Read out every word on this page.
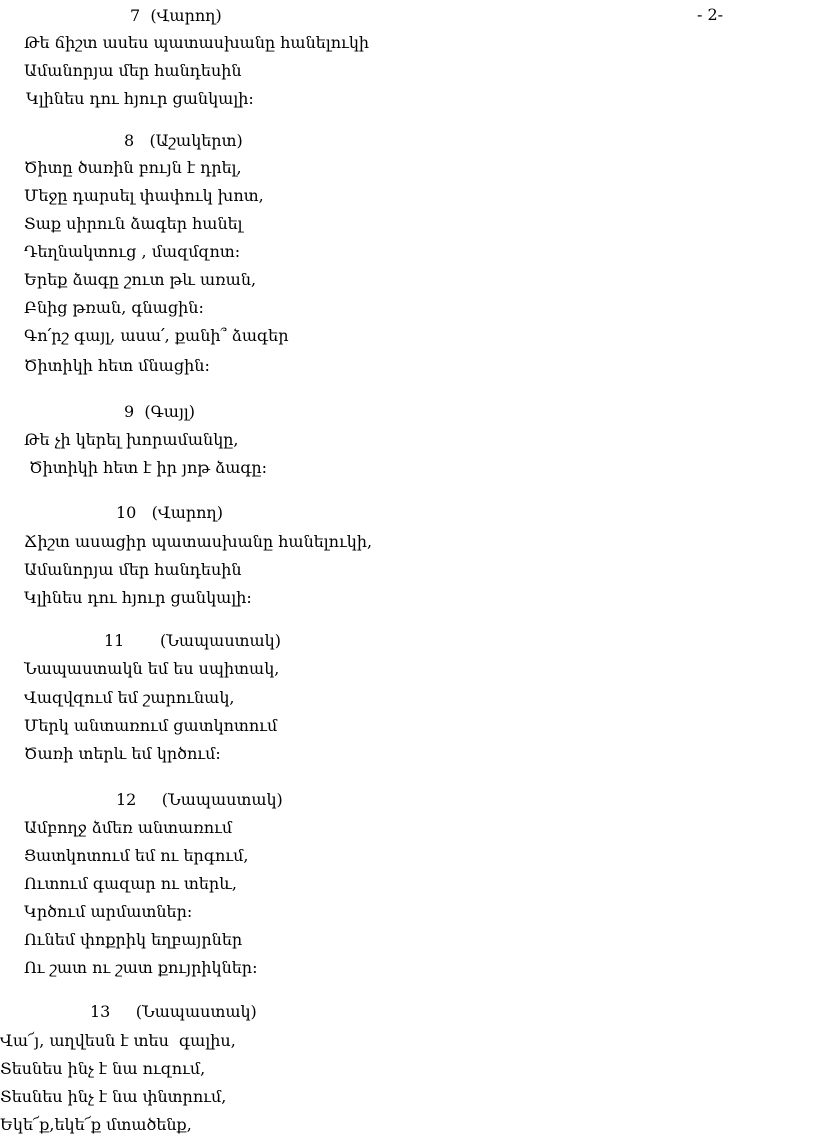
- 2-
7  (Վարող)
Թե ճիշտ ասես պատասխանը հանելուկի
Ամանորյա մեր հանդեսին
Կլինես դու հյուր ցանկալի:
8   (Աշակերտ)
Ծիտը ծառին բույն է դրել,
Մեջը դարսել փափուկ խոտ,
Տաք սիրուն ձագեր հանել
Դեղնակտուց , մազմզոտ:
Երեք ձագը շուտ թև առան,
Բնից թռան, գնացին:
Գո՛րշ գայլ, ասա՛, քանի՞ ձագեր
Ծիտիկի հետ մնացին:
9  (Գայլ)
Թե չի կերել խորամանկը,
Ծիտիկի հետ է իր յոթ ձագը:
10   (Վարող)
Ճիշտ ասացիր պատասխանը հանելուկի,
Ամանորյա մեր հանդեսին
Կլինես դու հյուր ցանկալի:
11       (Նապաստակ)
Նապաստակն եմ ես սպիտակ,
Վազվզում եմ շարունակ,
Մերկ անտառում ցատկոտում
Ծառի տերև եմ կրծում:
12     (Նապաստակ)
Ամբողջ ձմեռ անտառում
Ցատկոտում եմ ու երգում,
Ուտում գազար ու տերև,
Կրծում արմատներ:
Ունեմ փոքրիկ եղբայրներ
Ու շատ ու շատ քույրիկներ:
13     (Նապաստակ)
Վա՜յ, աղվեսն է տես  գալիս,
Տեսնես ինչ է նա ուզում,
Տեսնես ինչ է նա փնտրում,
Եկե՜ք,եկե՜ք մտածենք,
